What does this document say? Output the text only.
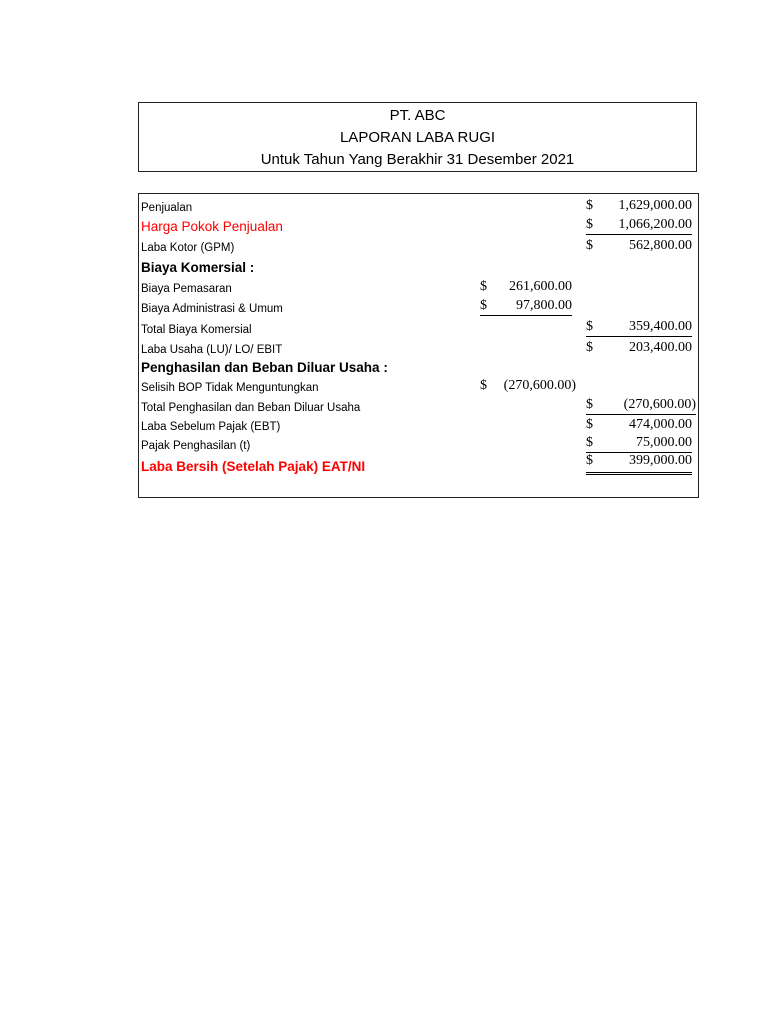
PT. ABC
LAPORAN LABA RUGI
Untuk Tahun Yang Berakhir 31 Desember 2021
Penjualan	$ 1,629,000.00
Harga Pokok Penjualan	$ 1,066,200.00
Laba Kotor (GPM)	$	562,800.00
Biaya Komersial :
Biaya Pemasaran	$ 261,600.00
Biaya Administrasi & Umum	$ 97,800.00
Total Biaya Komersial	$	359,400.00
Laba Usaha (LU)/ LO/ EBIT	$	203,400.00
Penghasilan dan Beban Diluar Usaha :
Selisih BOP Tidak Menguntungkan	$ (270,600.00)
Total Penghasilan dan Beban Diluar Usaha	$ (270,600.00)
Laba Sebelum Pajak (EBT)	$	474,000.00
Pajak Penghasilan (t)	$	75,000.00
Laba Bersih (Setelah Pajak) EAT/NI	$	399,000.00
